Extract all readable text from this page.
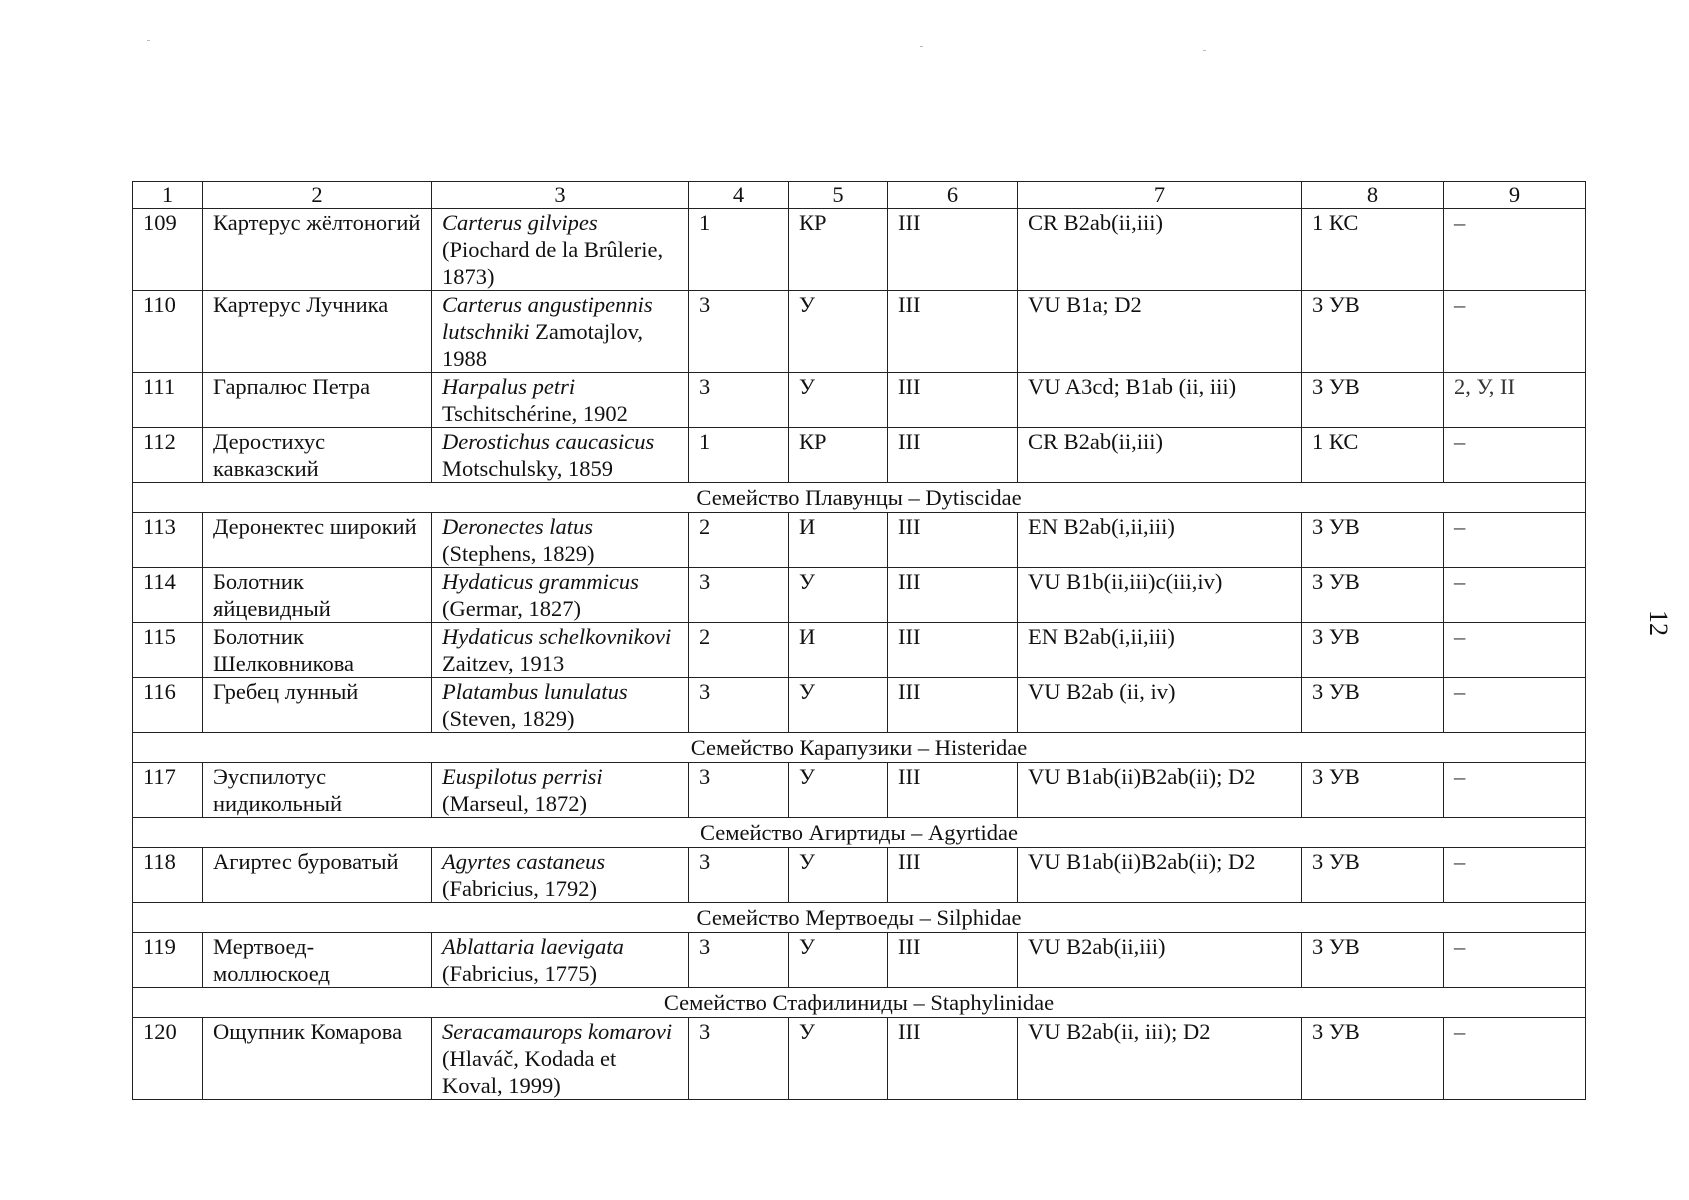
1	2	3	4	5	6	7	8	9
109	Картерус жёлтоногий	Carterus gilvipes (Piochard de la Brûlerie, 1873)	1	КР	III	CR B2ab(ii,iii)	1 КС	–
110	Картерус Лучника	Carterus angustipennis lutschniki Zamotajlov, 1988	3	У	III	VU B1a; D2	3 УВ	–
111	Гарпалюс Петра	Harpalus petri Tschitschérine, 1902	3	У	III	VU A3cd; B1ab (ii, iii)	3 УВ	2, У, II
112	Деростихус кавказский	Derostichus caucasicus Motschulsky, 1859	1	КР	III	CR B2ab(ii,iii)	1 КС	–
Семейство Плавунцы – Dytiscidae								
113	Деронектес широкий	Deronectes latus (Stephens, 1829)	2	И	III	EN B2ab(i,ii,iii)	3 УВ	–
114	Болотник яйцевидный	Hydaticus grammicus (Germar, 1827)	3	У	III	VU B1b(ii,iii)c(iii,iv)	3 УВ	–
115	Болотник Шелковникова	Hydaticus schelkovnikovi Zaitzev, 1913	2	И	III	EN B2ab(i,ii,iii)	3 УВ	–
116	Гребец лунный	Platambus lunulatus (Steven, 1829)	3	У	III	VU B2ab (ii, iv)	3 УВ	–
Семейство Карапузики – Histeridae								
117	Эуспилотус нидикольный	Euspilotus perrisi (Marseul, 1872)	3	У	III	VU B1ab(ii)B2ab(ii); D2	3 УВ	–
Семейство Агиртиды – Agyrtidae								
118	Агиртес буроватый	Agyrtes castaneus (Fabricius, 1792)	3	У	III	VU B1ab(ii)B2ab(ii); D2	3 УВ	–
Семейство Мертвоеды – Silphidae								
119	Мертвоед-моллюскоед	Ablattaria laevigata (Fabricius, 1775)	3	У	III	VU B2ab(ii,iii)	3 УВ	–
Семейство Стафилиниды – Staphylinidae								
120	Ощупник Комарова	Seracamaurops komarovi (Hlaváč, Kodada et Koval, 1999)	3	У	III	VU B2ab(ii, iii); D2	3 УВ	–
12
